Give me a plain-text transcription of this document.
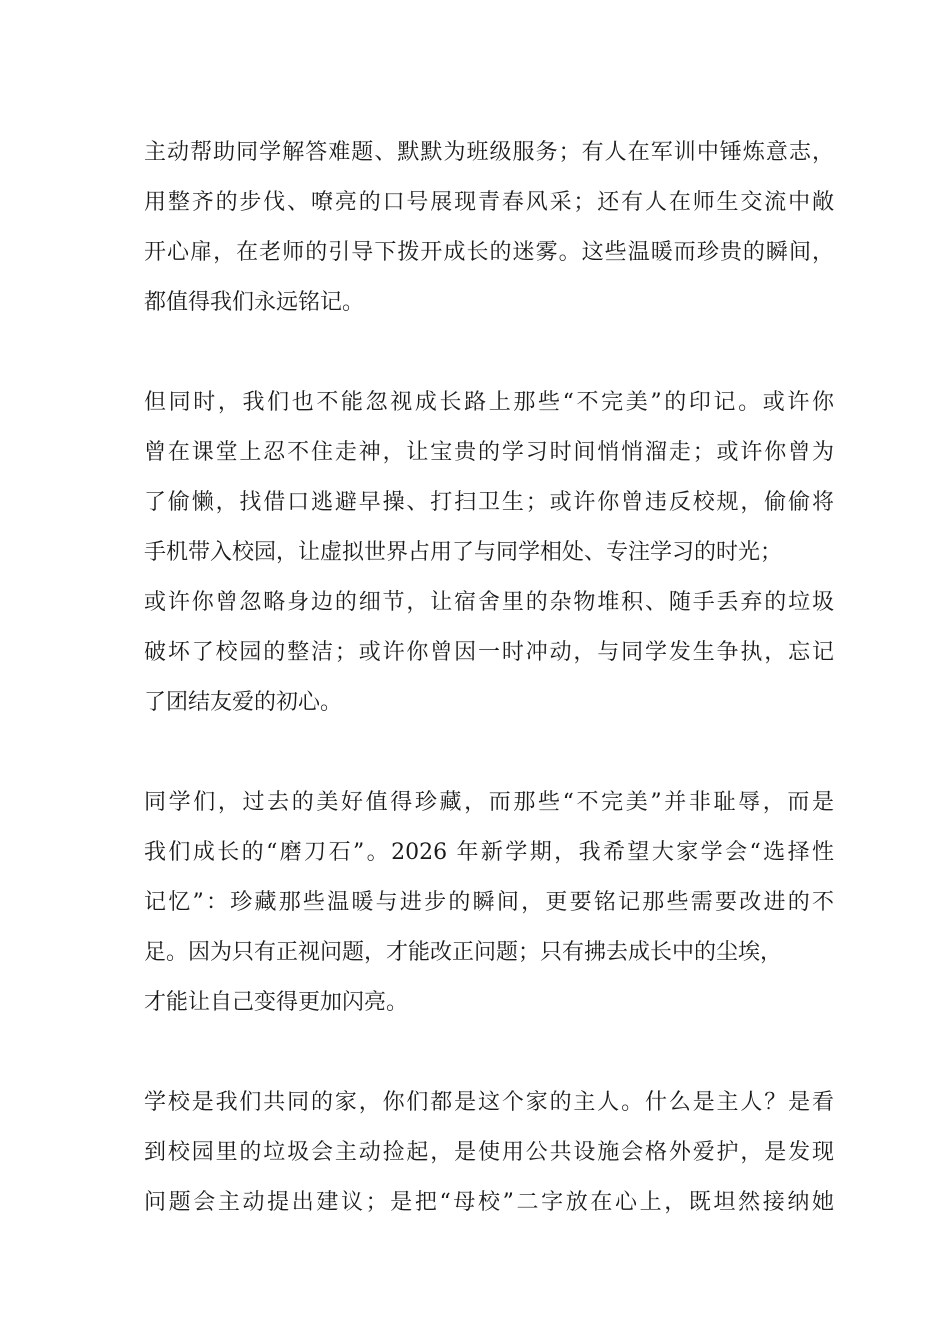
主动帮助同学解答难题、默默为班级服务；有人在军训中锤炼意志，
用整齐的步伐、嘹亮的口号展现青春风采；还有人在师生交流中敞
开心扉，在老师的引导下拨开成长的迷雾。这些温暖而珍贵的瞬间，
都值得我们永远铭记。
但同时，我们也不能忽视成长路上那些“不完美”的印记。或许你
曾在课堂上忍不住走神，让宝贵的学习时间悄悄溜走；或许你曾为
了偷懒，找借口逃避早操、打扫卫生；或许你曾违反校规，偷偷将
手机带入校园，让虚拟世界占用了与同学相处、专注学习的时光；
或许你曾忽略身边的细节，让宿舍里的杂物堆积、随手丢弃的垃圾
破坏了校园的整洁；或许你曾因一时冲动，与同学发生争执，忘记
了团结友爱的初心。
同学们，过去的美好值得珍藏，而那些“不完美”并非耻辱，而是
我们成长的“磨刀石”。2026 年新学期，我希望大家学会“选择性
记忆”：珍藏那些温暖与进步的瞬间，更要铭记那些需要改进的不
足。因为只有正视问题，才能改正问题；只有拂去成长中的尘埃，
才能让自己变得更加闪亮。
学校是我们共同的家，你们都是这个家的主人。什么是主人？是看
到校园里的垃圾会主动捡起，是使用公共设施会格外爱护，是发现
问题会主动提出建议；是把“母校”二字放在心上，既坦然接纳她
